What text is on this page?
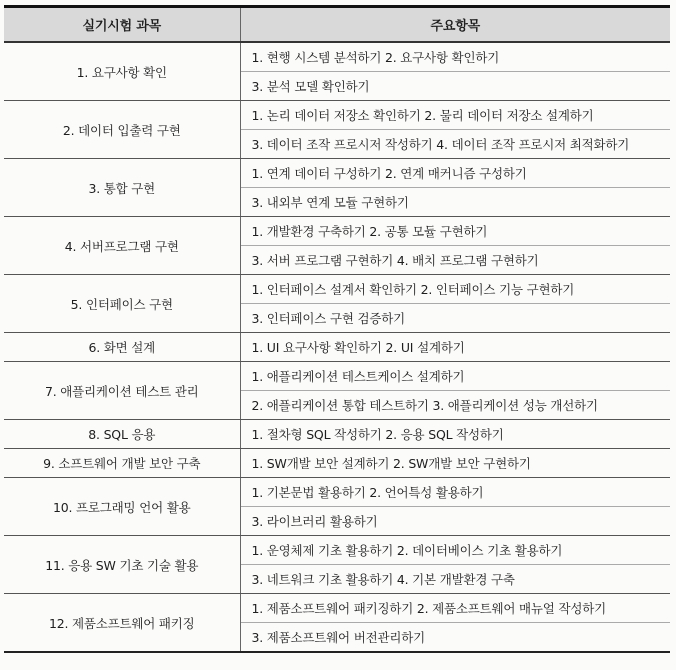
실기시험 과목	주요항목
1. 요구사항 확인	1. 현행 시스템 분석하기 2. 요구사항 확인하기
	3. 분석 모델 확인하기
2. 데이터 입출력 구현	1. 논리 데이터 저장소 확인하기 2. 물리 데이터 저장소 설계하기
	3. 데이터 조작 프로시저 작성하기 4. 데이터 조작 프로시저 최적화하기
3. 통합 구현	1. 연계 데이터 구성하기 2. 연계 매커니즘 구성하기
	3. 내외부 연계 모듈 구현하기
4. 서버프로그램 구현	1. 개발환경 구축하기 2. 공통 모듈 구현하기
	3. 서버 프로그램 구현하기 4. 배치 프로그램 구현하기
5. 인터페이스 구현	1. 인터페이스 설계서 확인하기 2. 인터페이스 기능 구현하기
	3. 인터페이스 구현 검증하기
6. 화면 설계	1. UI 요구사항 확인하기 2. UI 설계하기
7. 애플리케이션 테스트 관리	1. 애플리케이션 테스트케이스 설계하기
	2. 애플리케이션 통합 테스트하기 3. 애플리케이션 성능 개선하기
8. SQL 응용	1. 절차형 SQL 작성하기 2. 응용 SQL 작성하기
9. 소프트웨어 개발 보안 구축	1. SW개발 보안 설계하기 2. SW개발 보안 구현하기
10. 프로그래밍 언어 활용	1. 기본문법 활용하기 2. 언어특성 활용하기
	3. 라이브러리 활용하기
11. 응용 SW 기초 기술 활용	1. 운영체제 기초 활용하기 2. 데이터베이스 기초 활용하기
	3. 네트워크 기초 활용하기 4. 기본 개발환경 구축
12. 제품소프트웨어 패키징	1. 제품소프트웨어 패키징하기 2. 제품소프트웨어 매뉴얼 작성하기
	3. 제품소프트웨어 버전관리하기
